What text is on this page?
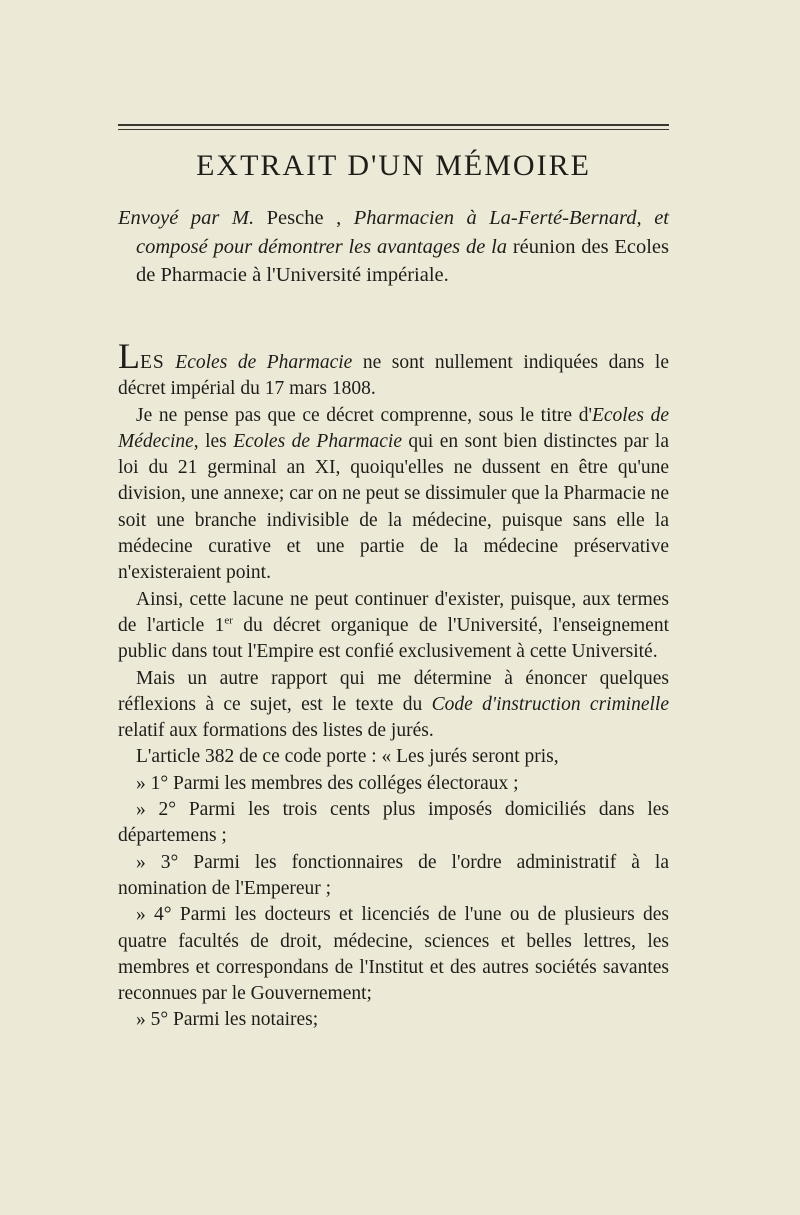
EXTRAIT D'UN MÉMOIRE

Envoyé par M. Pesche , Pharmacien à La-Ferté-Bernard, et composé pour démontrer les avantages de la réunion des Ecoles de Pharmacie à l'Université impériale.

LES Ecoles de Pharmacie ne sont nullement indiquées dans le décret impérial du 17 mars 1808.

Je ne pense pas que ce décret comprenne, sous le titre d'Ecoles de Médecine, les Ecoles de Pharmacie qui en sont bien distinctes par la loi du 21 germinal an XI, quoiqu'elles ne dussent en être qu'une division, une annexe; car on ne peut se dissimuler que la Pharmacie ne soit une branche indivisible de la médecine, puisque sans elle la médecine curative et une partie de la médecine préservative n'existeraient point.

Ainsi, cette lacune ne peut continuer d'exister, puisque, aux termes de l'article 1er du décret organique de l'Université, l'enseignement public dans tout l'Empire est confié exclusivement à cette Université.

Mais un autre rapport qui me détermine à énoncer quelques réflexions à ce sujet, est le texte du Code d'instruction criminelle relatif aux formations des listes de jurés.

L'article 382 de ce code porte : « Les jurés seront pris,

» 1° Parmi les membres des colléges électoraux ;

» 2° Parmi les trois cents plus imposés domiciliés dans les départemens ;

» 3° Parmi les fonctionnaires de l'ordre administratif à la nomination de l'Empereur ;

» 4° Parmi les docteurs et licenciés de l'une ou de plusieurs des quatre facultés de droit, médecine, sciences et belles lettres, les membres et correspondans de l'Institut et des autres sociétés savantes reconnues par le Gouvernement;

» 5° Parmi les notaires;
